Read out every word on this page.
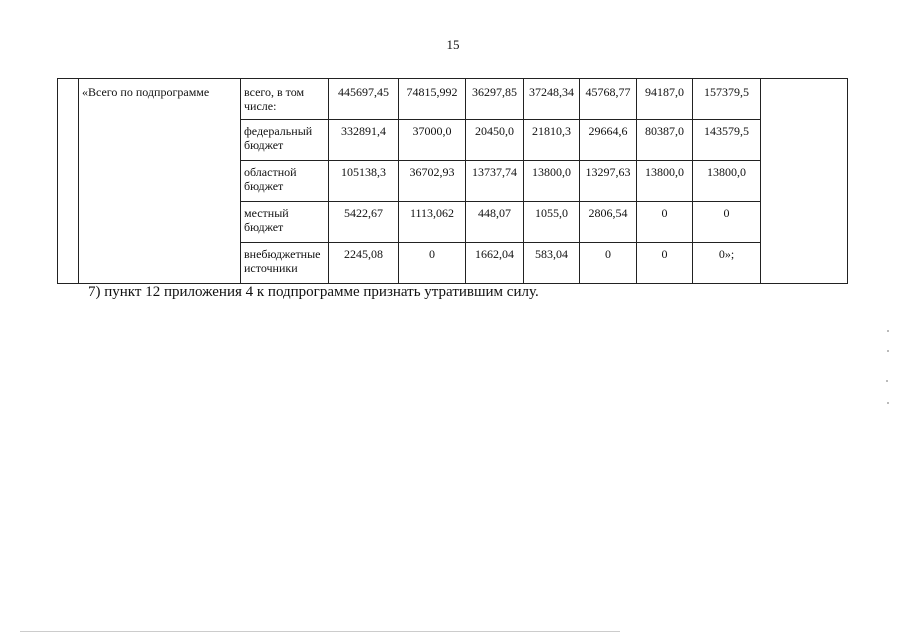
15
	«Всего по подпрограмме	всего, в том числе:	445697,45	74815,992	36297,85	37248,34	45768,77	94187,0	157379,5	
		федеральный бюджет	332891,4	37000,0	20450,0	21810,3	29664,6	80387,0	143579,5	
		областной бюджет	105138,3	36702,93	13737,74	13800,0	13297,63	13800,0	13800,0	
		местный бюджет	5422,67	1113,062	448,07	1055,0	2806,54	0	0	
		внебюджетные источники	2245,08	0	1662,04	583,04	0	0	0»;	
7) пункт 12 приложения 4 к подпрограмме признать утратившим силу.
